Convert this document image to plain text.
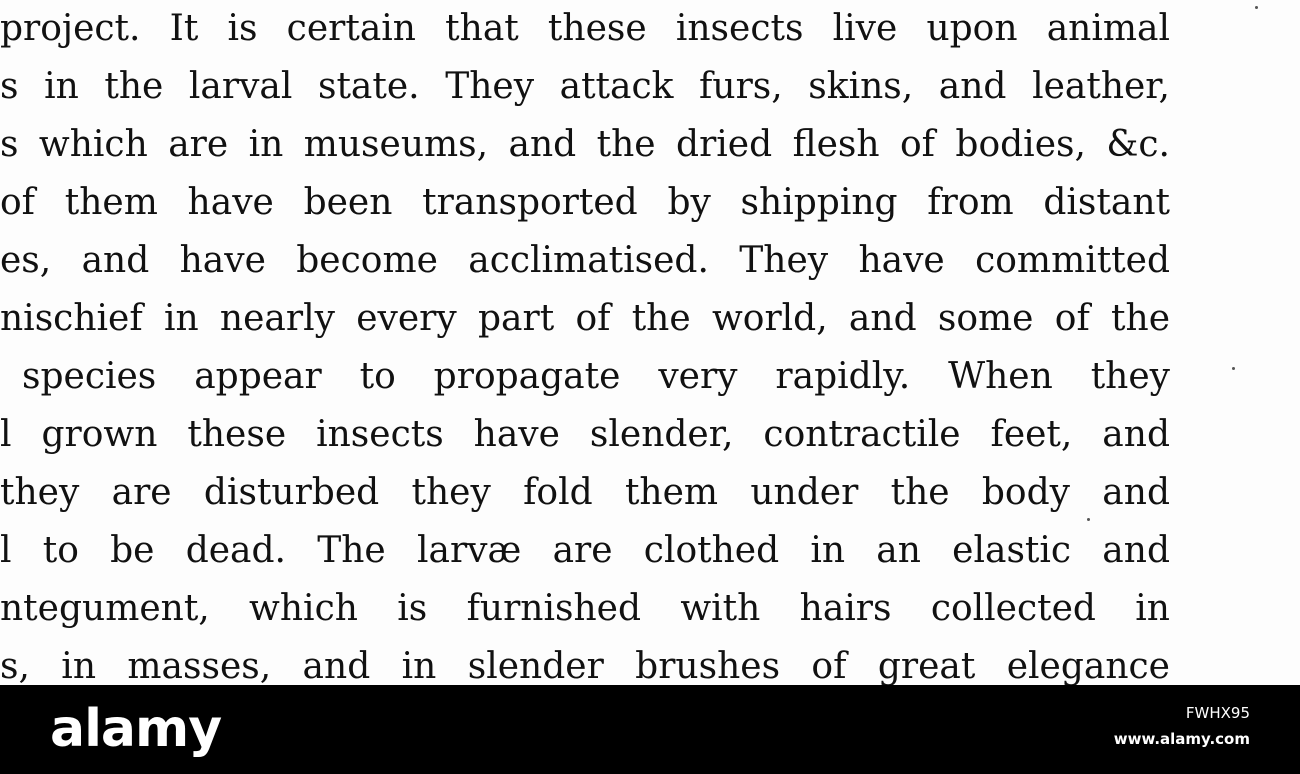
project. It is certain that these insects live upon animal
s in the larval state. They attack furs, skins, and leather,
s which are in museums, and the dried flesh of bodies, &c.
of them have been transported by shipping from distant
es, and have become acclimatised. They have committed
nischief in nearly every part of the world, and some of the
species appear to propagate very rapidly. When they
l grown these insects have slender, contractile feet, and
they are disturbed they fold them under the body and
l to be dead. The larvæ are clothed in an elastic and
ntegument, which is furnished with hairs collected in
s, in masses, and in slender brushes of great elegance
alamy	FWHX95
www.alamy.com
